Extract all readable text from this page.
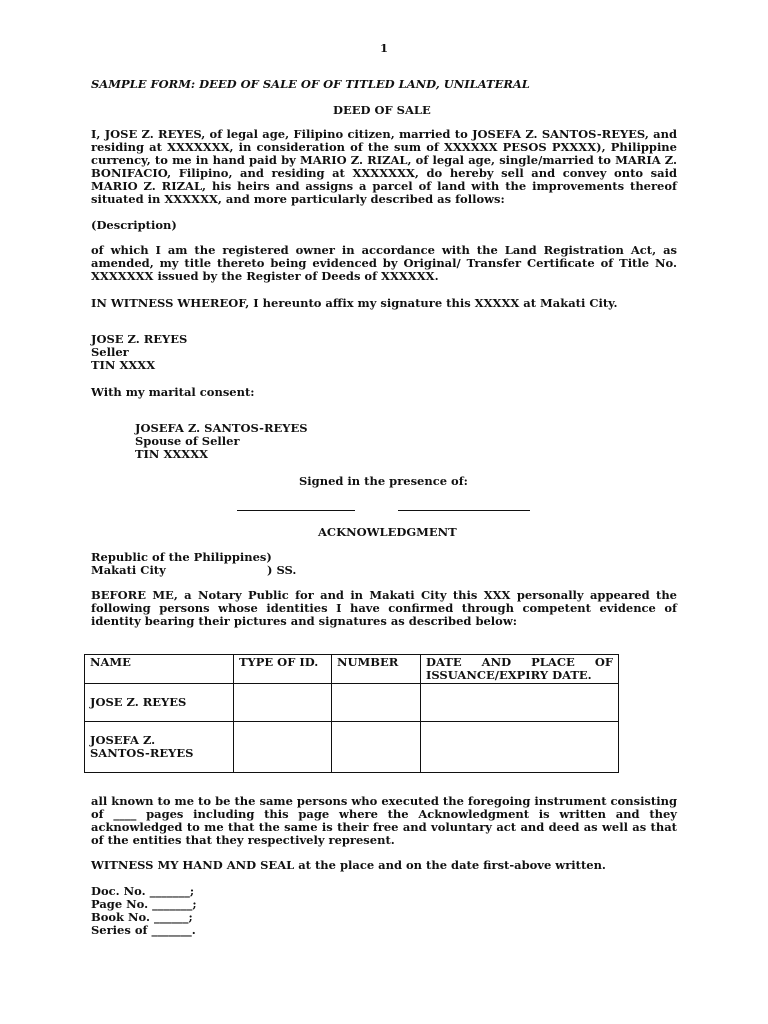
1
SAMPLE FORM: DEED OF SALE OF OF TITLED LAND, UNILATERAL
DEED OF SALE

I, JOSE Z. REYES, of legal age, Filipino citizen, married to JOSEFA Z. SANTOS-REYES, and residing at XXXXXXX, in consideration of the sum of XXXXXX PESOS PXXXX), Philippine currency, to me in hand paid by MARIO Z. RIZAL, of legal age, single/married to MARIA Z. BONIFACIO, Filipino, and residing at XXXXXXX, do hereby sell and convey onto said MARIO Z. RIZAL, his heirs and assigns a parcel of land with the improvements thereof situated in XXXXXX, and more particularly described as follows:

(Description)

of which I am the registered owner in accordance with the Land Registration Act, as amended, my title thereto being evidenced by Original/ Transfer Certificate of Title No. XXXXXXX issued by the Register of Deeds of XXXXXX.

IN WITNESS WHEREOF, I hereunto affix my signature this XXXXX at Makati City.
JOSE Z. REYES
Seller
TIN XXXX
With my marital consent:
JOSEFA Z. SANTOS-REYES
Spouse of Seller
TIN XXXXX
Signed in the presence of:
ACKNOWLEDGMENT
Republic of the Philippines)
Makati City	) SS.

BEFORE ME, a Notary Public for and in Makati City this XXX personally appeared the following persons whose identities I have confirmed through competent evidence of identity bearing their pictures and signatures as described below:

NAME	TYPE OF ID.	NUMBER	DATE AND PLACE OF ISSUANCE/EXPIRY DATE.
JOSE Z. REYES			
JOSEFA Z. SANTOS-REYES			

all known to me to be the same persons who executed the foregoing instrument consisting of ____ pages including this page where the Acknowledgment is written and they acknowledged to me that the same is their free and voluntary act and deed as well as that of the entities that they respectively represent.

WITNESS MY HAND AND SEAL at the place and on the date first-above written.
Doc. No. _______;
Page No. _______;
Book No. ______;
Series of _______.
